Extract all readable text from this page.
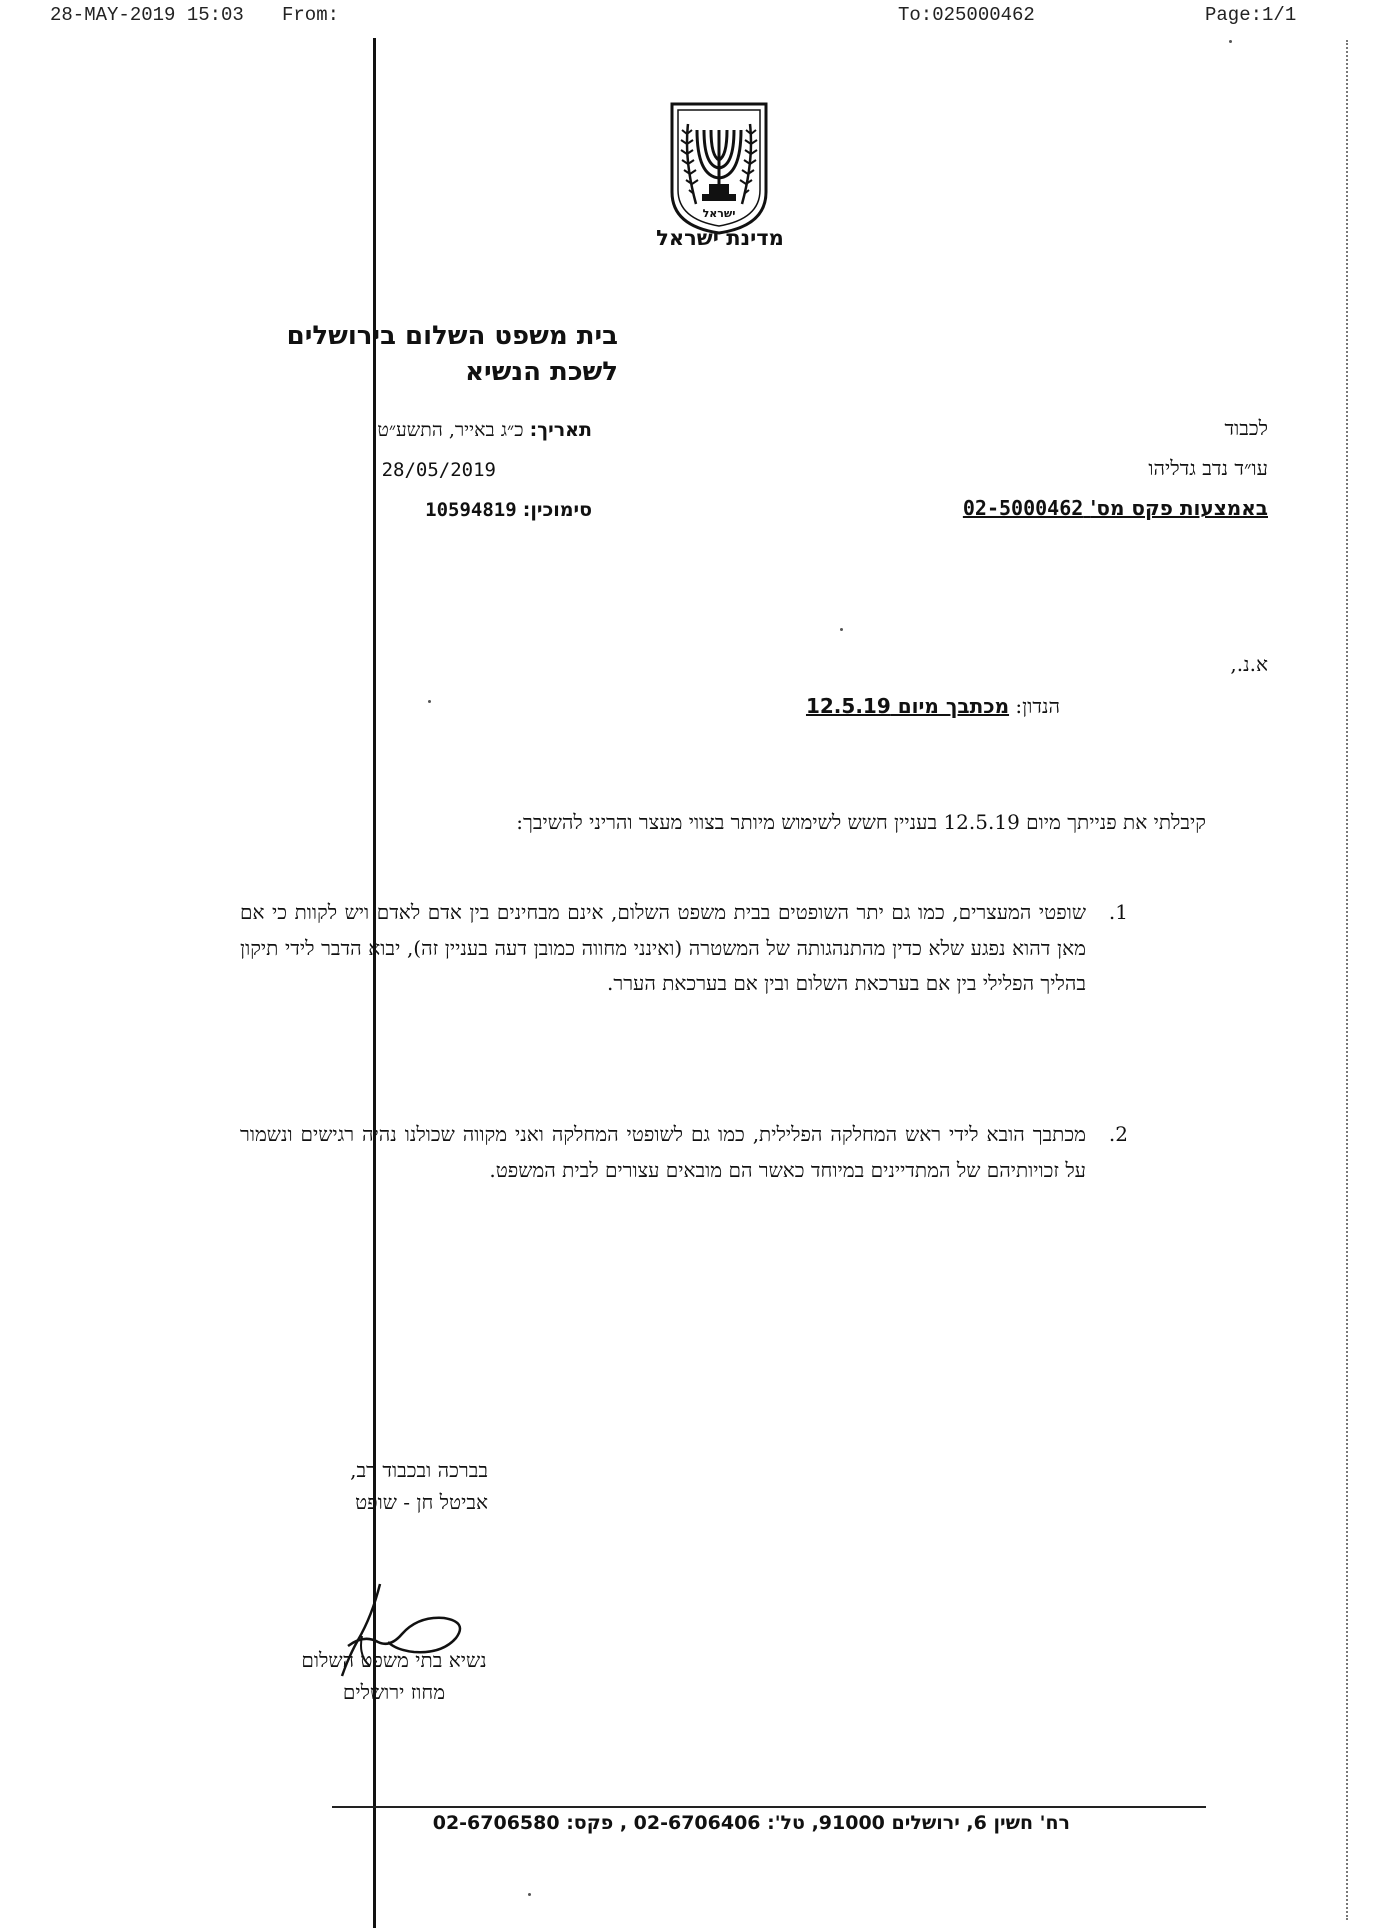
28-MAY-2019 15:03 From:	To:025000462	Page:1/1
ישראל
מדינת ישראל
בית משפט השלום בירושלים
לשכת הנשיא
תאריך: כ״ג באייר, התשע״ט
28/05/2019
סימוכין: 10594819
לכבוד
עו״ד נדב גדליהו
באמצעות פקס מס' 02-5000462
א.נ.,
הנדון: מכתבך מיום 12.5.19
קיבלתי את פנייתך מיום 12.5.19 בעניין חשש לשימוש מיותר בצווי מעצר והריני להשיבך:
1.
שופטי המעצרים, כמו גם יתר השופטים בבית משפט השלום, אינם מבחינים בין אדם לאדם ויש לקוות כי אם מאן דהוא נפגע שלא כדין מהתנהגותה של המשטרה (ואינני מחווה כמובן דעה בעניין זה), יבוא הדבר לידי תיקון בהליך הפלילי בין אם בערכאת השלום ובין אם בערכאת הערר.
2.
מכתבך הובא לידי ראש המחלקה הפלילית, כמו גם לשופטי המחלקה ואני מקווה שכולנו נהיה רגישים ונשמור על זכויותיהם של המתדיינים במיוחד כאשר הם מובאים עצורים לבית המשפט.
בברכה ובכבוד רב,
אביטל חן - שופט
נשיא בתי משפט השלום
מחוז ירושלים
רח' חשין 6, ירושלים 91000, טל': 02-6706406 , פקס: 02-6706580
